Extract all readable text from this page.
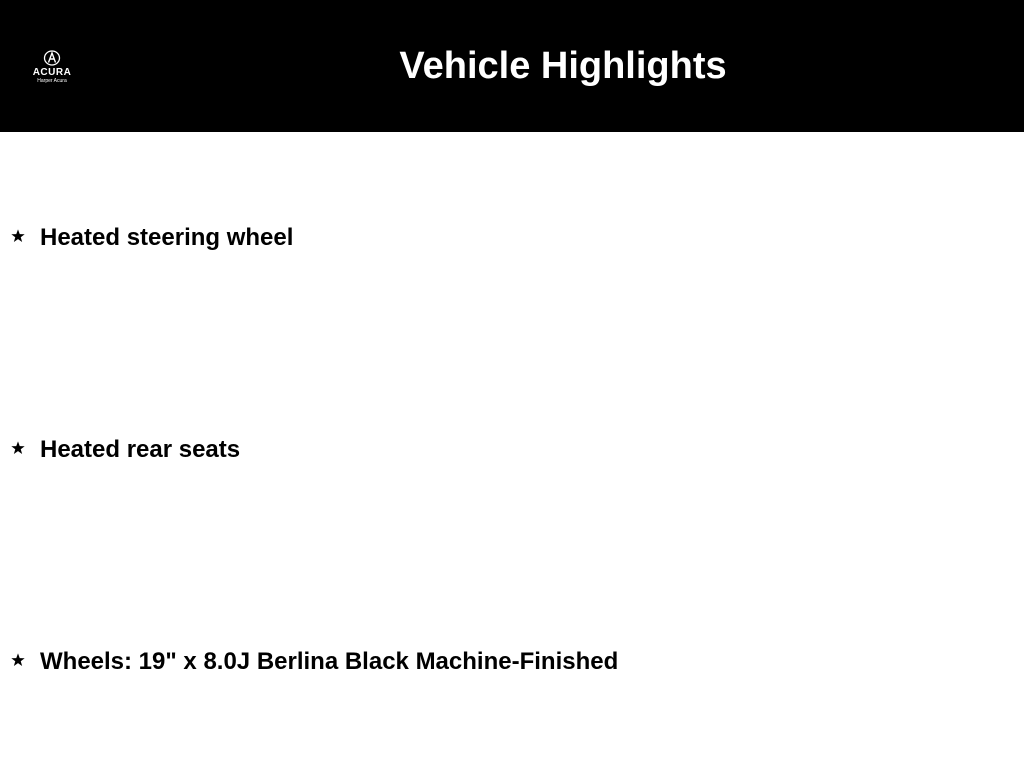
ACURA
Harper Acura	Vehicle Highlights
Heated steering wheel
Heated rear seats
Wheels: 19" x 8.0J Berlina Black Machine-Finished
